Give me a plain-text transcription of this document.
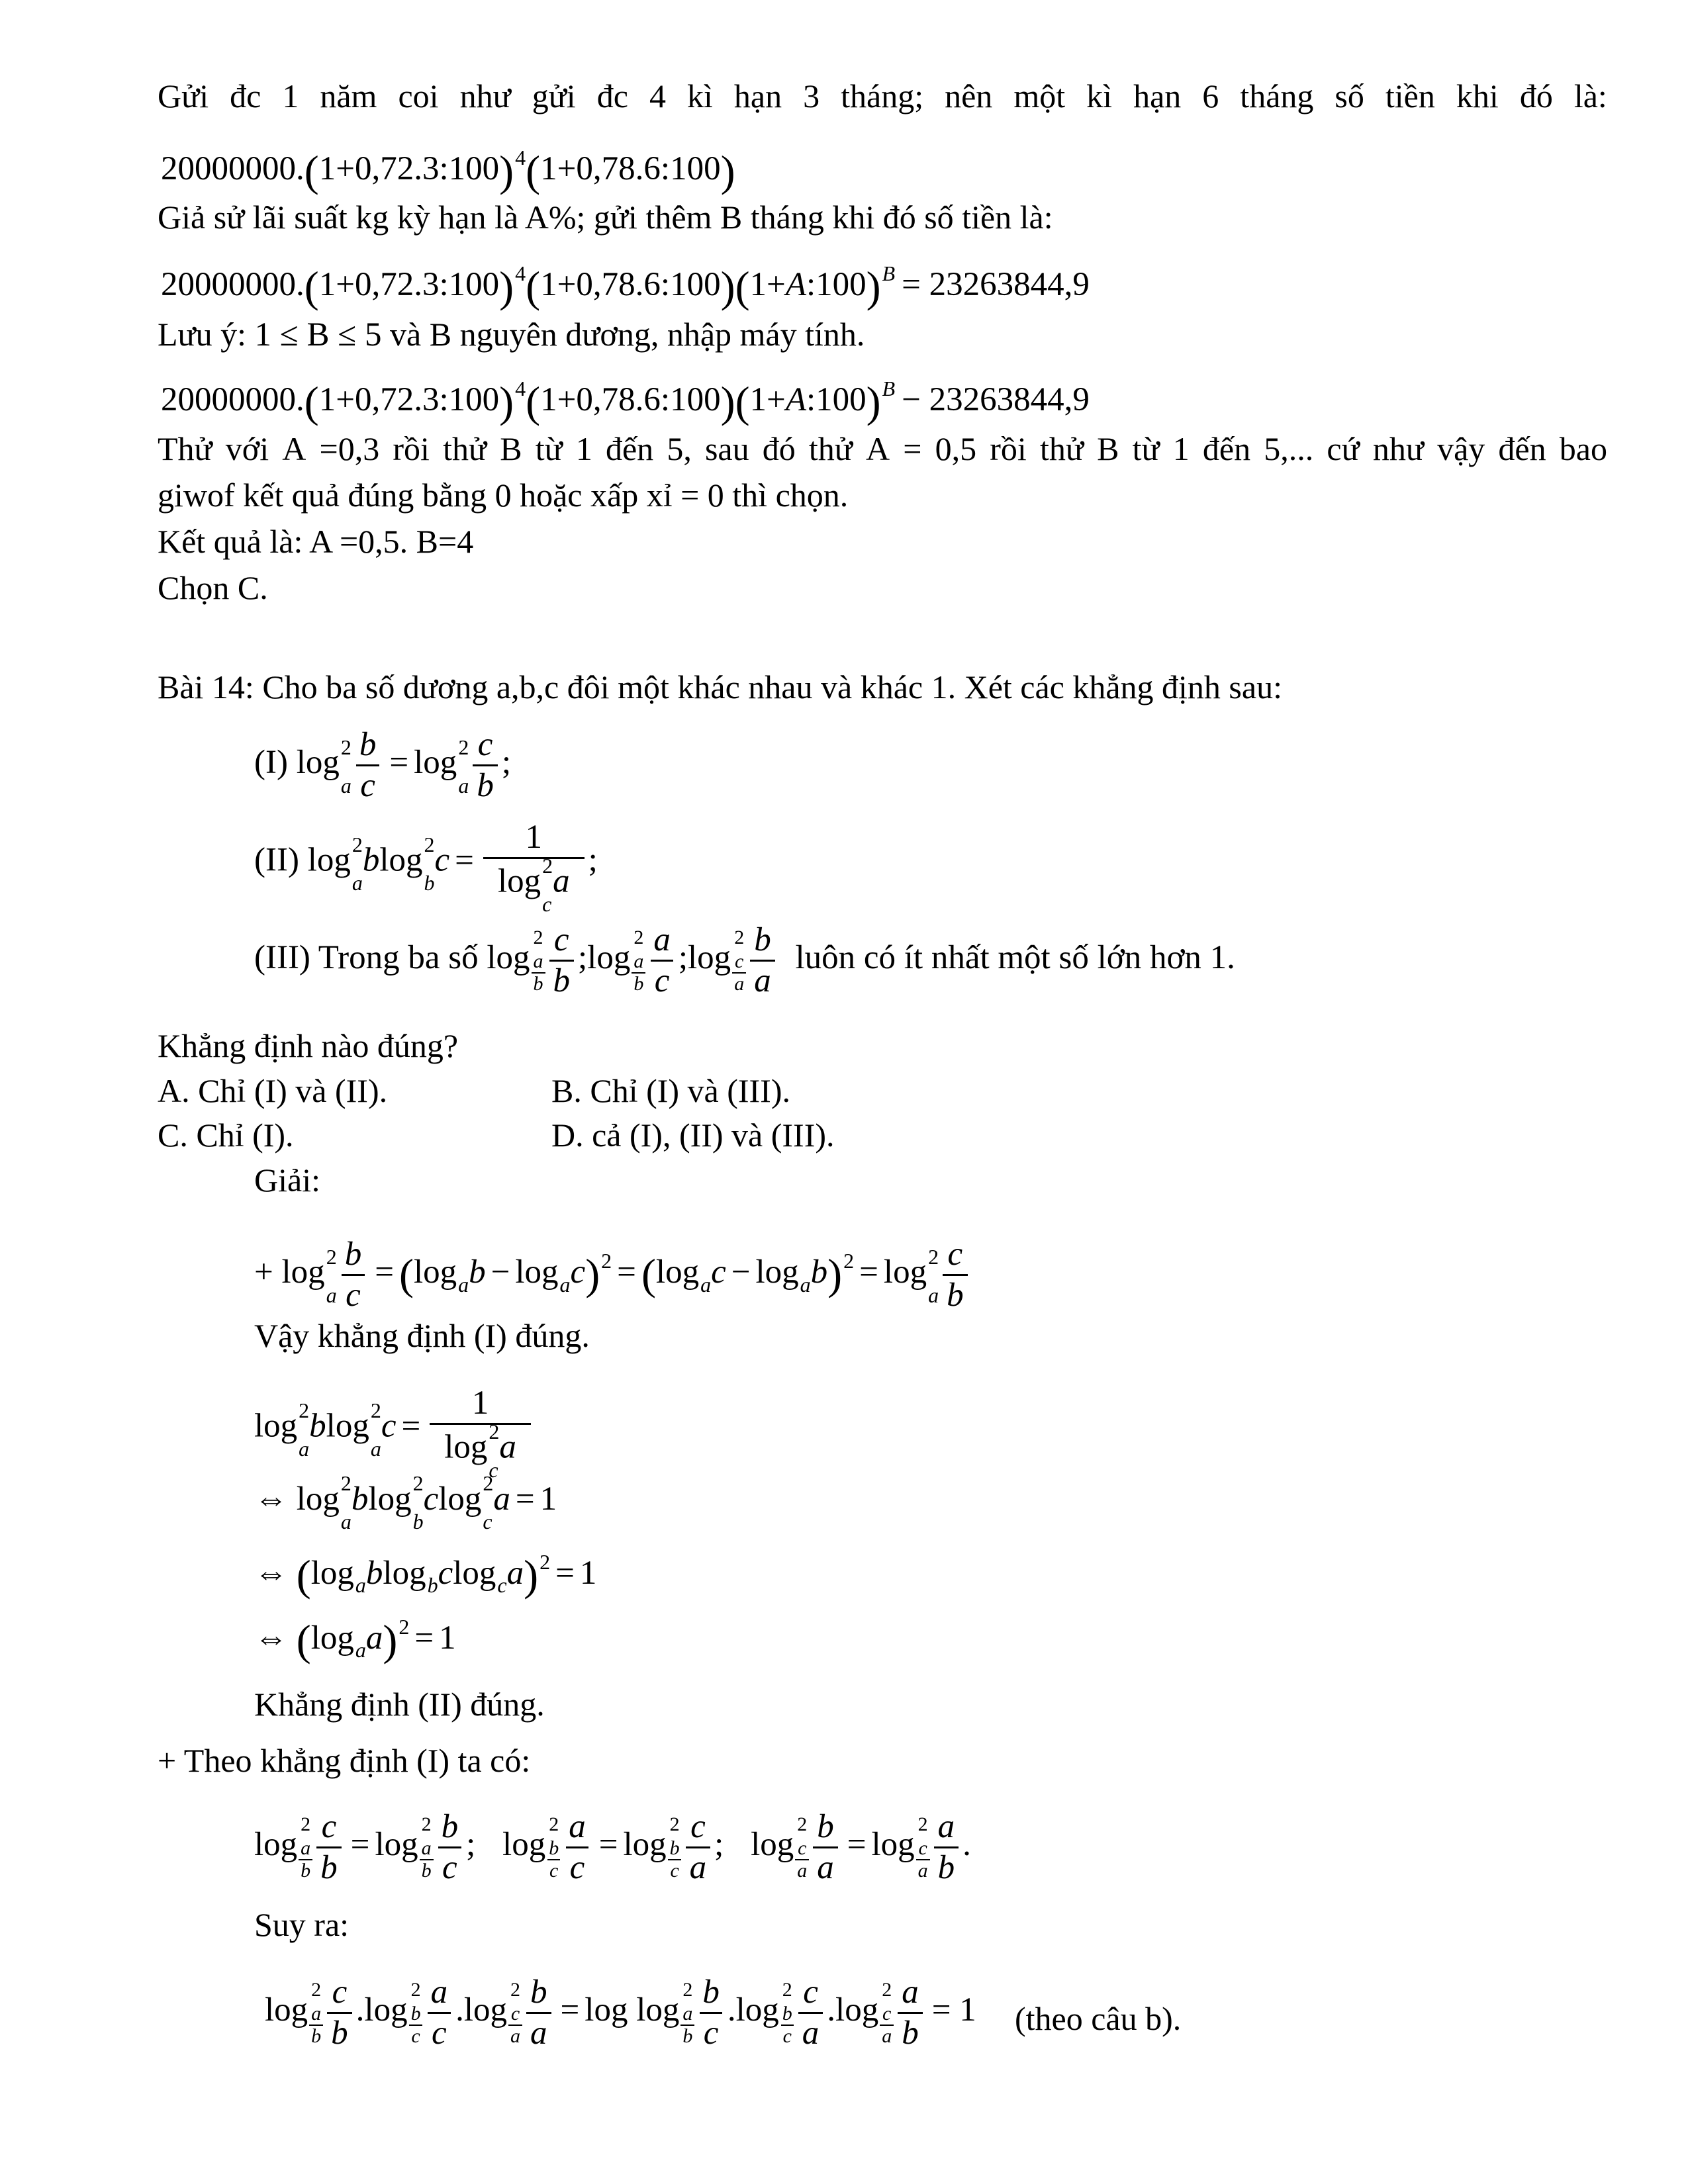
Gửi đc 1 năm coi như gửi đc 4 kì hạn 3 tháng; nên một kì hạn 6 tháng số tiền khi đó là:
20000000.(1+0,72.3:100)$^4$(1+0,78.6:100)
Giả sử lãi suất kg kỳ hạn là A%; gửi thêm B tháng khi đó số tiền là:
20000000.(1+0,72.3:100)$^4$(1+0,78.6:100)(1+A:100)$^B$ = 23263844,9
Lưu ý: 1 ≤ B ≤ 5 và B nguyên dương, nhập máy tính.
20000000.(1+0,72.3:100)$^4$(1+0,78.6:100)(1+A:100)$^B$ − 23263844,9
Thử với A =0,3 rồi thử B từ 1 đến 5, sau đó thử A = 0,5 rồi thử B từ 1 đến 5,... cứ như vậy đến bao
giwof kết quả đúng bằng 0 hoặc xấp xỉ = 0 thì chọn.
Kết quả là: A =0,5. B=4
Chọn C.
Bài 14: Cho ba số dương a,b,c đôi một khác nhau và khác 1. Xét các khẳng định sau:
(I) log 2
a $\frac{b}{c} = \log 2$
a $\frac{c}{b}$ ;
(II) log 2
a
blog 2
b
c = 1
log 2
c
a ;
(III) Trong ba số log
2
a
b $\frac{c}{b}$ ;log
2
a
b $\frac{a}{c}$ ;log
2
c
a $\frac{b}{a}$ luôn có ít nhất một số lớn hơn 1.
Khẳng định nào đúng?
A. Chỉ (I) và (II).	B. Chỉ (I) và (III).
C. Chỉ (I).	D. cả (I), (II) và (III).
Giải:
+ log 2
a $\frac{b}{c} = (\log$ a b − log a c)$^2$ = (log a c − log a b)$^2$ = log 2
a $\frac{c}{b}$
Vậy khẳng định (I) đúng.
log 2
a
blog 2
a
c = 1
log 2
c
a
⇔ log 2
a
blog 2
b
clog 2
c
a = 1
⇔ (log a blog b clog c a)$^2$ = 1
⇔ (log a a)$^2$ = 1
Khẳng định (II) đúng.
+ Theo khẳng định (I) ta có:
log
2
a
b $\frac{c}{b} = \log$
2
a
b $\frac{b}{c}$ ; log
2
b
c $\frac{a}{c} = \log$
2
b
c $\frac{c}{a}$ ; log
2
c
a $\frac{b}{a} = \log$
2
c
a $\frac{a}{b}$ .
Suy ra:
log
2
a
b $\frac{c}{b} .\log$
2
b
c $\frac{a}{c} .\log$
2
c
a $\frac{b}{a} = \log \log$
2
a
b $\frac{b}{c} .\log$
2
b
c $\frac{c}{a} .\log$
2
c
a $\frac{a}{b} = 1$ (theo câu b).
